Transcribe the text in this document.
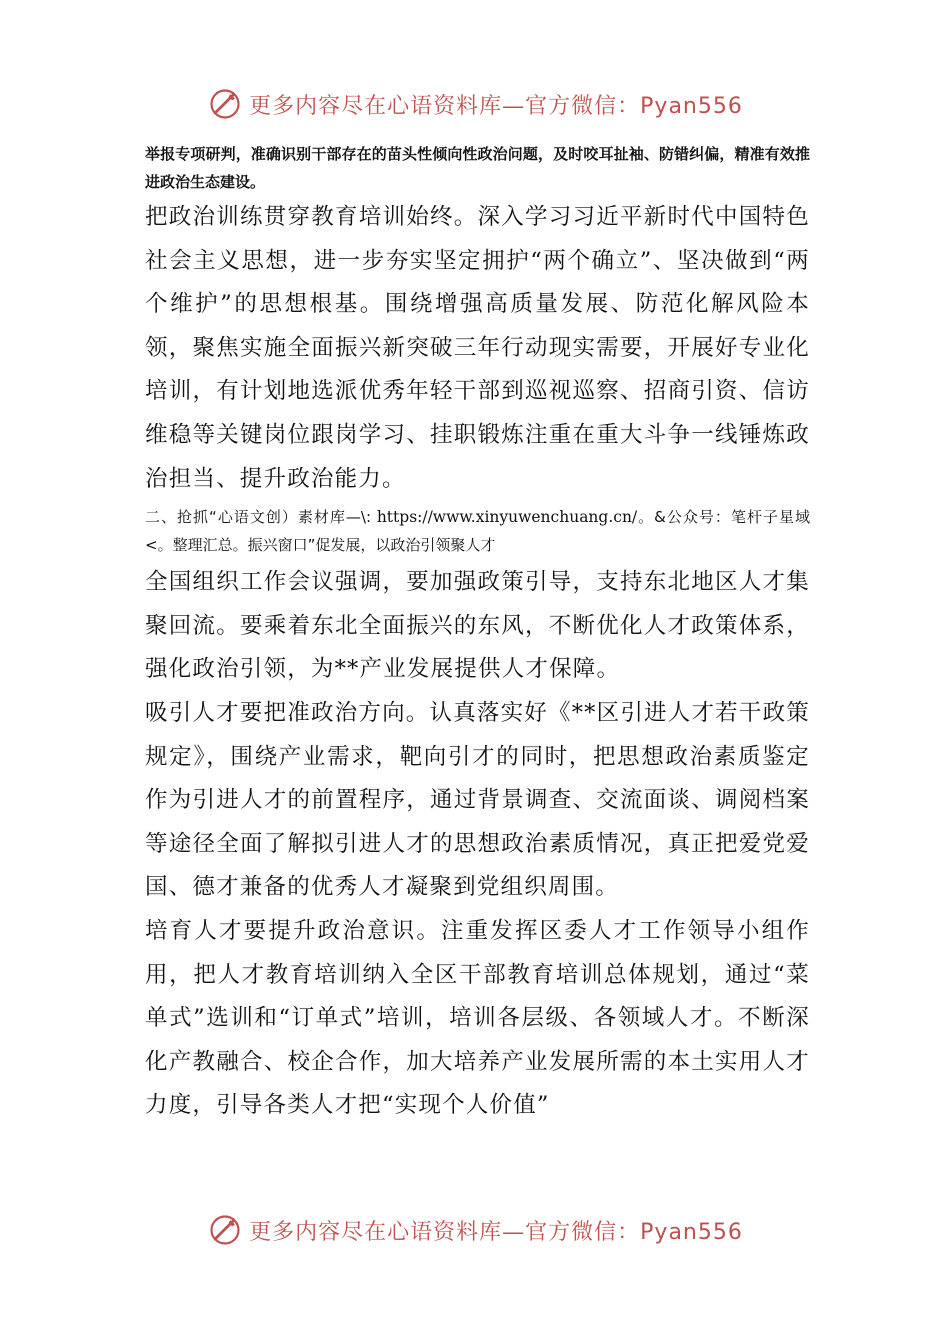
更多内容尽在心语资料库—官方微信：Pyan556

举报专项研判，准确识别干部存在的苗头性倾向性政治问题，及时咬耳扯袖、防错纠偏，精准有效推进政治生态建设。

把政治训练贯穿教育培训始终。深入学习习近平新时代中国特色社会主义思想，进一步夯实坚定拥护“两个确立”、坚决做到“两个维护”的思想根基。围绕增强高质量发展、防范化解风险本领，聚焦实施全面振兴新突破三年行动现实需要，开展好专业化培训，有计划地选派优秀年轻干部到巡视巡察、招商引资、信访维稳等关键岗位跟岗学习、挂职锻炼注重在重大斗争一线锤炼政治担当、提升政治能力。

二、抢抓“心语文创）素材库—\: https://www.xinyuwenchuang.cn/。&公众号：笔杆子星域<。整理汇总。振兴窗口”促发展，以政治引领聚人才

全国组织工作会议强调，要加强政策引导，支持东北地区人才集聚回流。要乘着东北全面振兴的东风，不断优化人才政策体系，强化政治引领，为**产业发展提供人才保障。

吸引人才要把准政治方向。认真落实好《**区引进人才若干政策规定》，围绕产业需求，靶向引才的同时，把思想政治素质鉴定作为引进人才的前置程序，通过背景调查、交流面谈、调阅档案等途径全面了解拟引进人才的思想政治素质情况，真正把爱党爱国、德才兼备的优秀人才凝聚到党组织周围。

培育人才要提升政治意识。注重发挥区委人才工作领导小组作用，把人才教育培训纳入全区干部教育培训总体规划，通过“菜单式”选训和“订单式”培训，培训各层级、各领域人才。不断深化产教融合、校企合作，加大培养产业发展所需的本土实用人才力度，引导各类人才把“实现个人价值”

更多内容尽在心语资料库—官方微信：Pyan556
